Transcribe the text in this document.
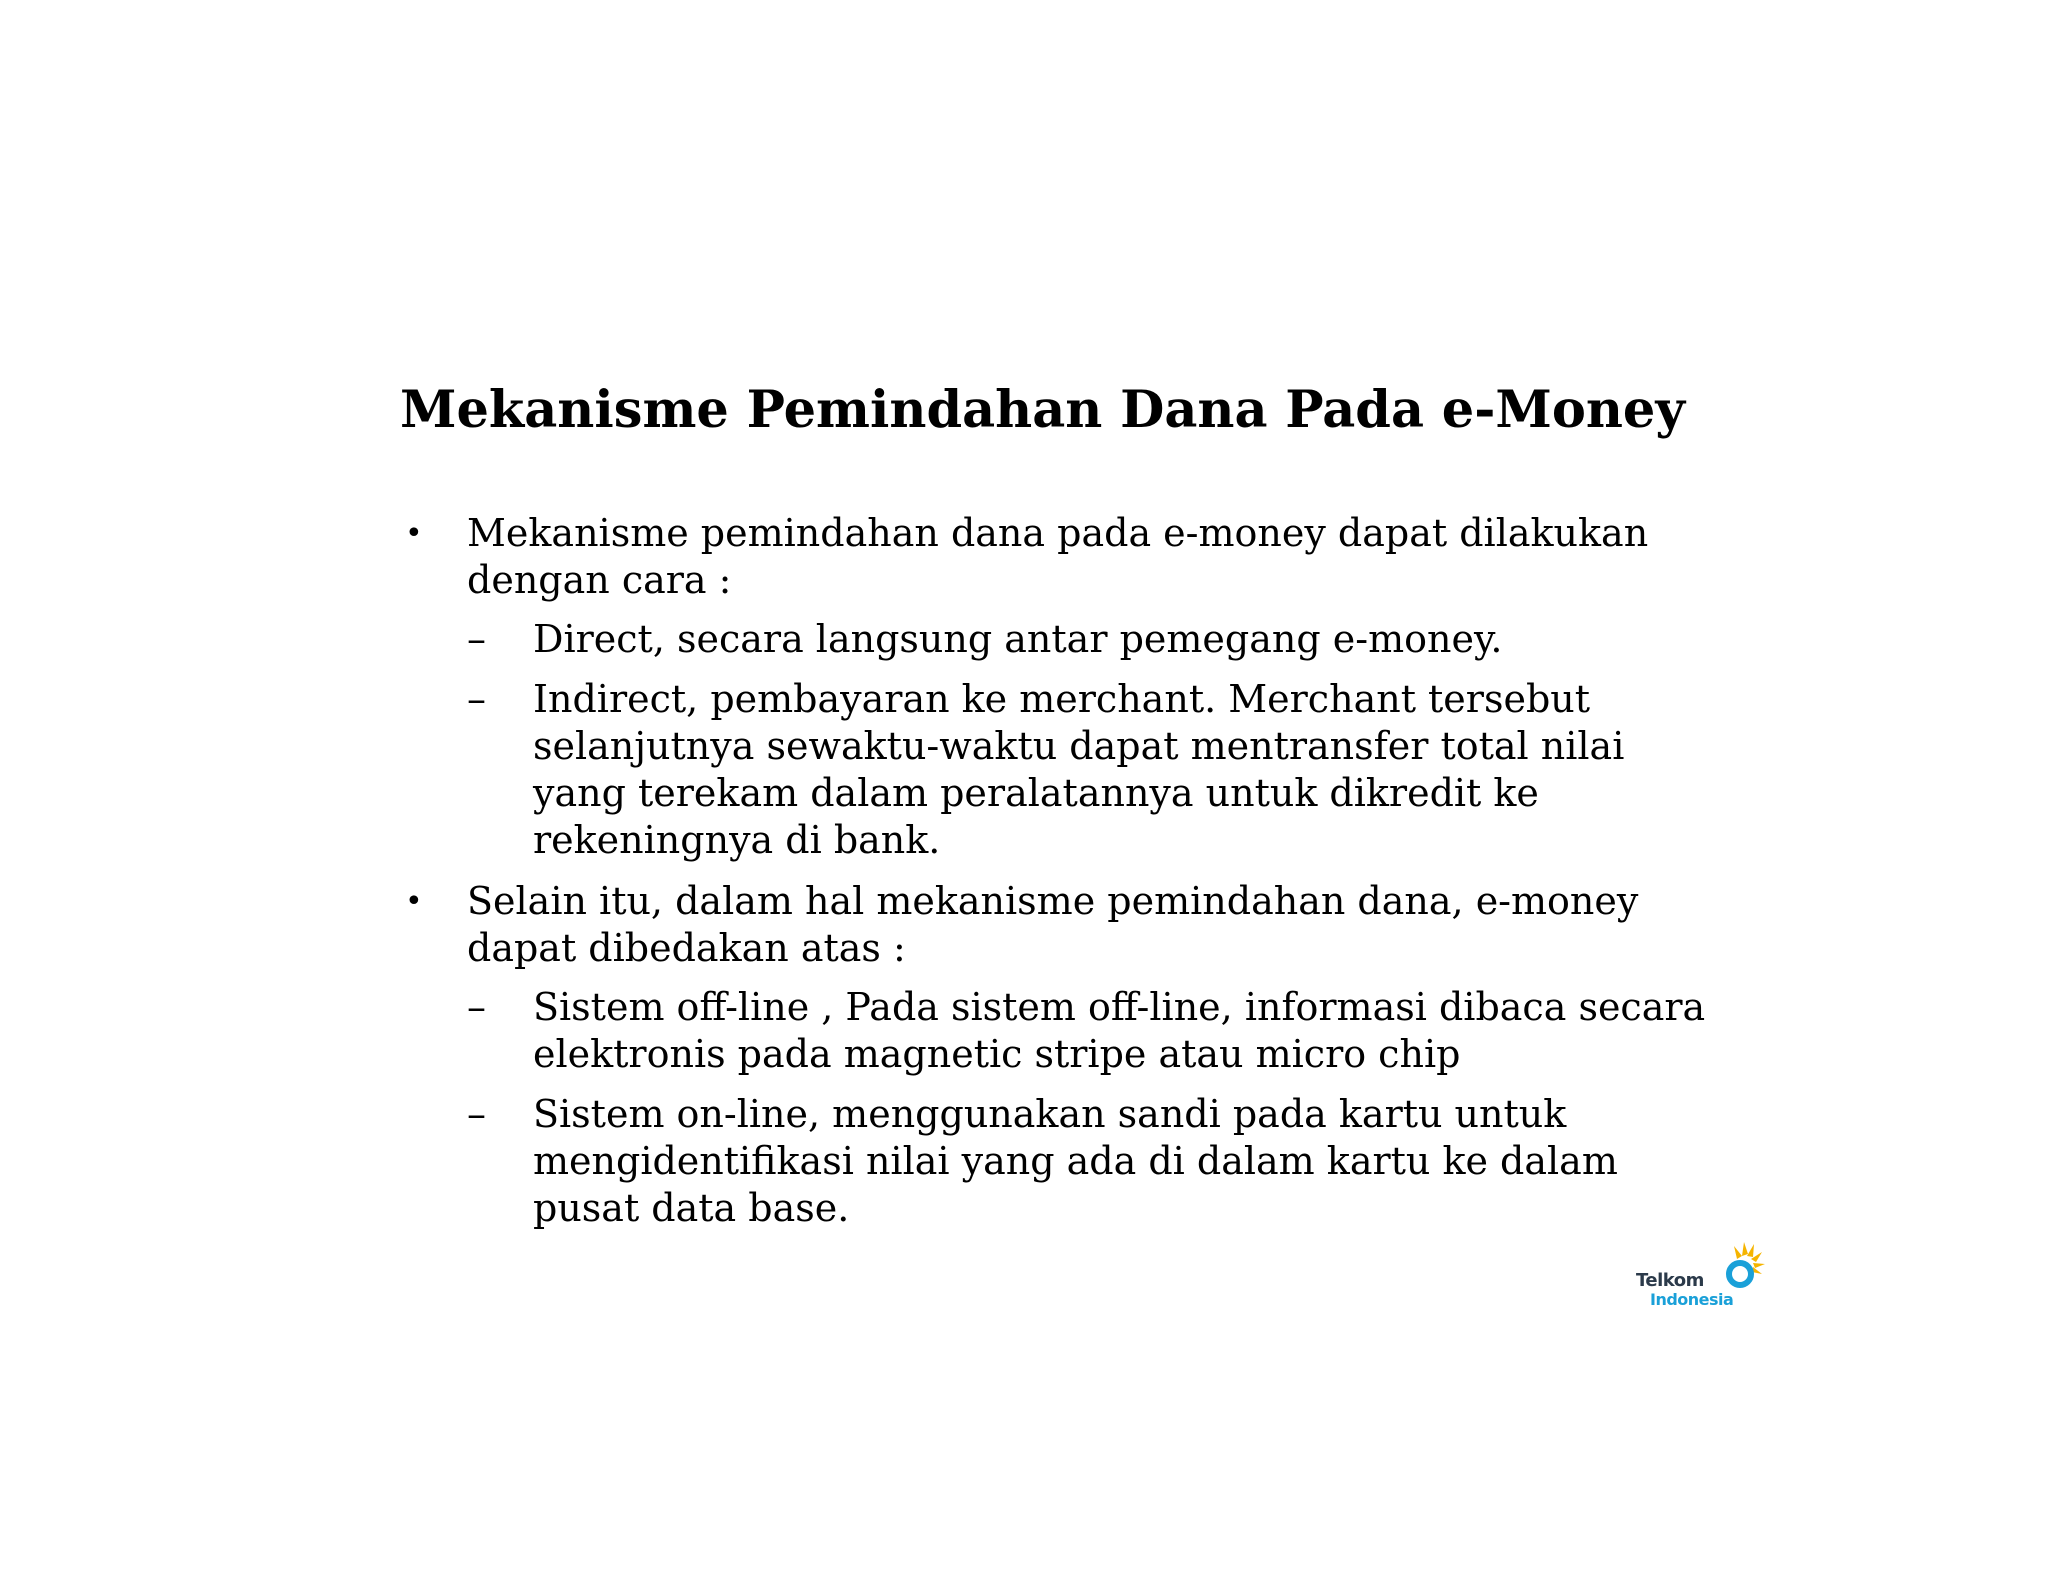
Mekanisme Pemindahan Dana Pada e-Money
• Mekanisme pemindahan dana pada e-money dapat dilakukan dengan cara :
– Direct, secara langsung antar pemegang e-money.
– Indirect, pembayaran ke merchant. Merchant tersebut selanjutnya sewaktu-waktu dapat mentransfer total nilai yang terekam dalam peralatannya untuk dikredit ke rekeningnya di bank.
• Selain itu, dalam hal mekanisme pemindahan dana, e-money dapat dibedakan atas :
– Sistem off-line , Pada sistem off-line, informasi dibaca secara elektronis pada magnetic stripe atau micro chip
– Sistem on-line, menggunakan sandi pada kartu untuk mengidentifikasi nilai yang ada di dalam kartu ke dalam pusat data base.
Telkom
Indonesia
